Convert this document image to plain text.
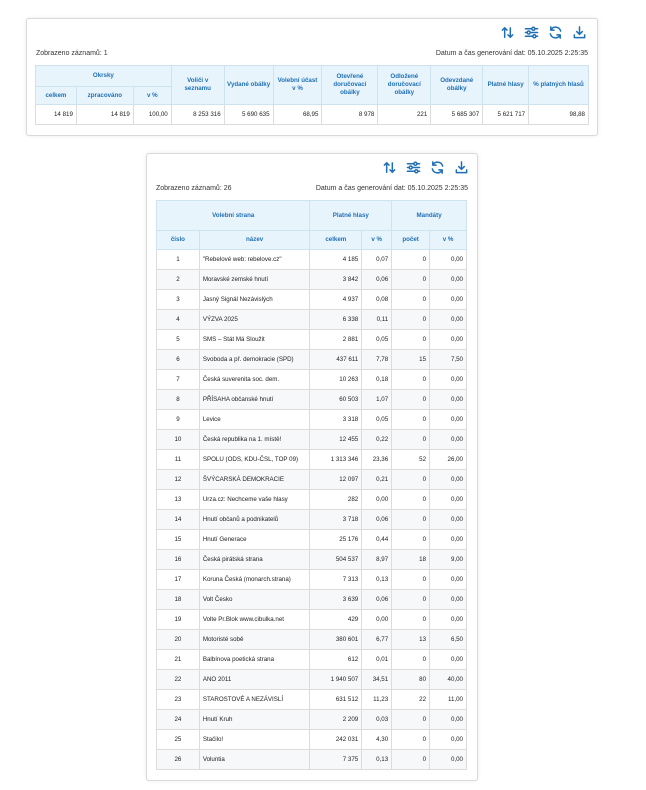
Zobrazeno záznamů: 1	Datum a čas generování dat: 05.10.2025 2:25:35
Okrsky			Voliči v seznamu	Vydané obálky	Volební účast v %	Otevřené doručovací obálky	Odložené doručovací obálky	Odevzdané obálky	Platné hlasy	% platných hlasů
celkem	zpracováno	v %								
14 819	14 819	100,00	8 253 316	5 690 635	68,95	8 978	221	5 685 307	5 621 717	98,88
Zobrazeno záznamů: 26	Datum a čas generování dat: 05.10.2025 2:25:35
Volební strana		Platné hlasy		Mandáty	
číslo	název	celkem	v %	počet	v %
1	"Rebelové web: rebelove.cz"	4 185	0,07	0	0,00
2	Moravské zemské hnutí	3 842	0,06	0	0,00
3	Jasný Signál Nezávislých	4 937	0,08	0	0,00
4	VÝZVA 2025	6 338	0,11	0	0,00
5	SMS – Stát Má Sloužit	2 881	0,05	0	0,00
6	Svoboda a př. demokracie (SPD)	437 611	7,78	15	7,50
7	Česká suverenita soc. dem.	10 263	0,18	0	0,00
8	PŘÍSAHA občanské hnutí	60 503	1,07	0	0,00
9	Levice	3 318	0,05	0	0,00
10	Česká republika na 1. místě!	12 455	0,22	0	0,00
11	SPOLU (ODS, KDU-ČSL, TOP 09)	1 313 346	23,36	52	26,00
12	ŠVÝCARSKÁ DEMOKRACIE	12 097	0,21	0	0,00
13	Urza.cz: Nechceme vaše hlasy	282	0,00	0	0,00
14	Hnutí občanů a podnikatelů	3 718	0,06	0	0,00
15	Hnutí Generace	25 176	0,44	0	0,00
16	Česká pirátská strana	504 537	8,97	18	9,00
17	Koruna Česká (monarch.strana)	7 313	0,13	0	0,00
18	Volt Česko	3 639	0,06	0	0,00
19	Volte Pr.Blok www.cibulka.net	429	0,00	0	0,00
20	Motoristé sobě	380 601	6,77	13	6,50
21	Balbínova poetická strana	612	0,01	0	0,00
22	ANO 2011	1 940 507	34,51	80	40,00
23	STAROSTOVÉ A NEZÁVISLÍ	631 512	11,23	22	11,00
24	Hnutí Kruh	2 209	0,03	0	0,00
25	Stačilo!	242 031	4,30	0	0,00
26	Voluntia	7 375	0,13	0	0,00
